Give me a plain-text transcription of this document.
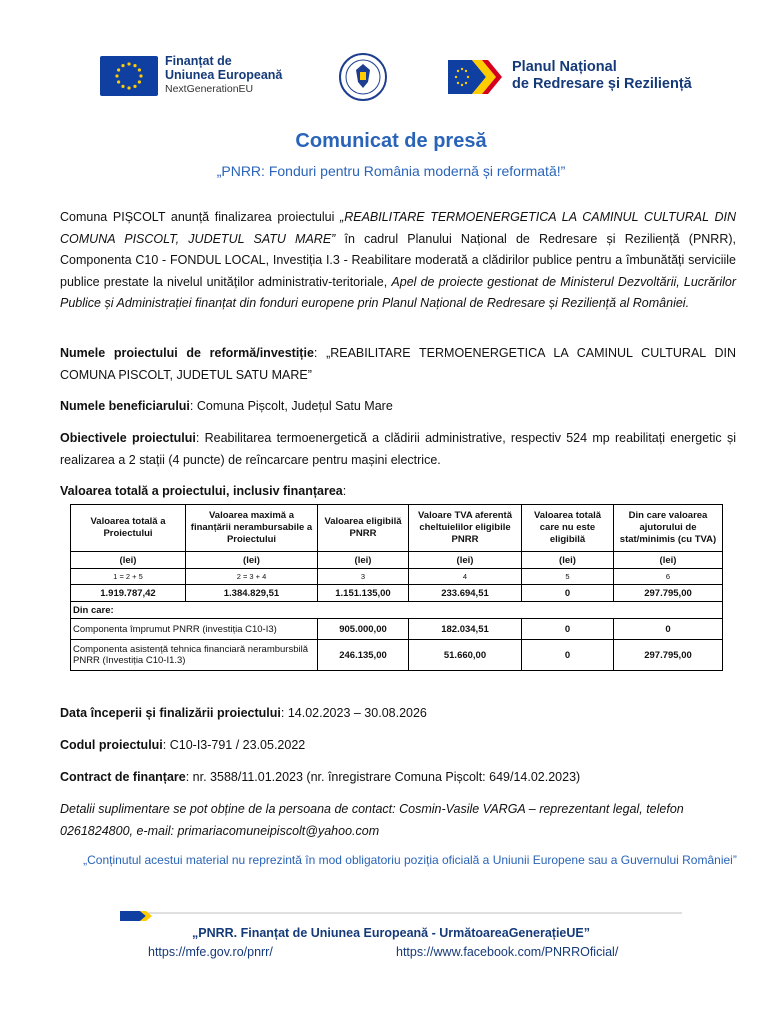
Finanțat de
Uniunea Europeană
NextGenerationEU
Planul Național
de Redresare și Reziliență
Comunicat de presă
„PNRR: Fonduri pentru România modernă și reformată!”
Comuna PIȘCOLT anunță finalizarea proiectului „REABILITARE TERMOENERGETICA LA CAMINUL CULTURAL DIN COMUNA PISCOLT, JUDETUL SATU MARE” în cadrul Planului Național de Redresare și Reziliență (PNRR), Componenta C10 - FONDUL LOCAL, Investiția I.3 - Reabilitare moderată a clădirilor publice pentru a îmbunătăți serviciile publice prestate la nivelul unităților administrativ-teritoriale, Apel de proiecte gestionat de Ministerul Dezvoltării, Lucrărilor Publice și Administrației finanțat din fonduri europene prin Planul Național de Redresare și Reziliență al României.
Numele proiectului de reformă/investiție: „REABILITARE TERMOENERGETICA LA CAMINUL CULTURAL DIN COMUNA PISCOLT, JUDETUL SATU MARE”
Numele beneficiarului: Comuna Pișcolt, Județul Satu Mare
Obiectivele proiectului: Reabilitarea termoenergetică a clădirii administrative, respectiv 524 mp reabilitați energetic și realizarea a 2 stații (4 puncte) de reîncarcare pentru mașini electrice.
Valoarea totală a proiectului, inclusiv finanțarea:
Valoarea totală a Proiectului	Valoarea maximă a finanțării nerambursabile a Proiectului	Valoarea eligibilă PNRR	Valoare TVA aferentă cheltuielilor eligibile PNRR	Valoarea totală care nu este eligibilă	Din care valoarea ajutorului de stat/minimis (cu TVA)
(lei)	(lei)	(lei)	(lei)	(lei)	(lei)
1 = 2 + 5	2 = 3 + 4	3	4	5	6
1.919.787,42	1.384.829,51	1.151.135,00	233.694,51	0	297.795,00
Din care:					
Componenta împrumut PNRR (investiția C10-I3)		905.000,00	182.034,51	0	0
Componenta asistență tehnica financiară nerambursbilă PNRR (Investiția C10-I1.3)		246.135,00	51.660,00	0	297.795,00
Data începerii și finalizării proiectului: 14.02.2023 – 30.08.2026
Codul proiectului: C10-I3-791 / 23.05.2022
Contract de finanțare: nr. 3588/11.01.2023 (nr. înregistrare Comuna Pișcolt: 649/14.02.2023)
Detalii suplimentare se pot obține de la persoana de contact: Cosmin-Vasile VARGA – reprezentant legal, telefon 0261824800, e-mail: primariacomuneipiscolt@yahoo.com
„Conținutul acestui material nu reprezintă în mod obligatoriu poziția oficială a Uniunii Europene sau a Guvernului României”
„PNRR. Finanțat de Uniunea Europeană - UrmătoareaGenerațieUE”
https://mfe.gov.ro/pnrr/	https://www.facebook.com/PNRROficial/
